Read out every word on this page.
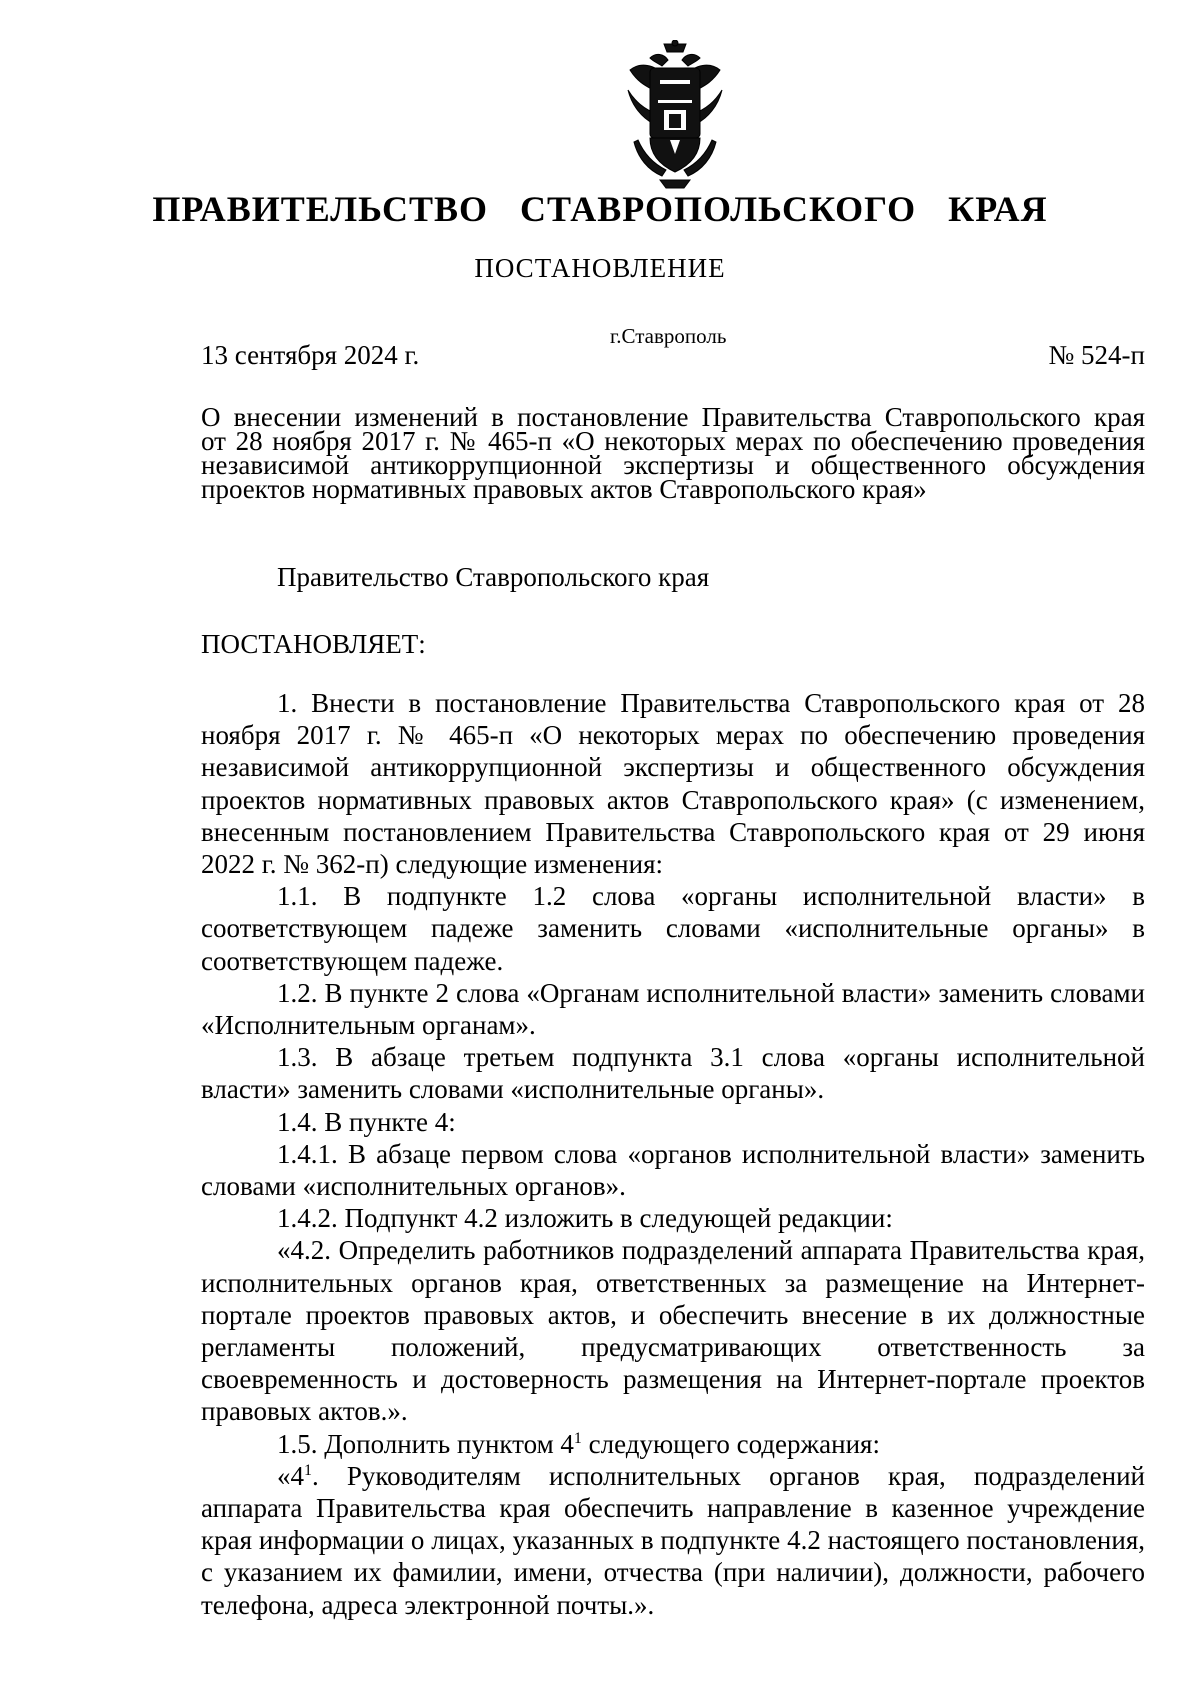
ПРАВИТЕЛЬСТВО СТАВРОПОЛЬСКОГО КРАЯ
ПОСТАНОВЛЕНИЕ
13 сентября 2024 г.
г.Ставрополь
№ 524-п
О внесении изменений в постановление Правительства Ставропольского края
от 28 ноября 2017 г. № 465-п «О некоторых мерах по обеспечению проведения
независимой антикоррупционной экспертизы и общественного обсуждения
проектов нормативных правовых актов Ставропольского края»
Правительство Ставропольского края
ПОСТАНОВЛЯЕТ:

1. Внести в постановление Правительства Ставропольского края от 28 ноября 2017 г. № 465-п «О некоторых мерах по обеспечению проведения независимой антикоррупционной экспертизы и общественного обсуждения проектов нормативных правовых актов Ставропольского края» (с изменением, внесенным постановлением Правительства Ставропольского края от 29 июня 2022 г. № 362-п) следующие изменения:

1.1. В подпункте 1.2 слова «органы исполнительной власти» в соответствующем падеже заменить словами «исполнительные органы» в соответствующем падеже.

1.2. В пункте 2 слова «Органам исполнительной власти» заменить словами «Исполнительным органам».

1.3. В абзаце третьем подпункта 3.1 слова «органы исполнительной власти» заменить словами «исполнительные органы».

1.4. В пункте 4:

1.4.1. В абзаце первом слова «органов исполнительной власти» заменить словами «исполнительных органов».

1.4.2. Подпункт 4.2 изложить в следующей редакции:

«4.2. Определить работников подразделений аппарата Правительства края, исполнительных органов края, ответственных за размещение на Интернет-портале проектов правовых актов, и обеспечить внесение в их должностные регламенты положений, предусматривающих ответственность за своевременность и достоверность размещения на Интернет-портале проектов правовых актов.».

1.5. Дополнить пунктом $4^1$ следующего содержания:

«$4^1$. Руководителям исполнительных органов края, подразделений аппарата Правительства края обеспечить направление в казенное учреждение края информации о лицах, указанных в подпункте 4.2 настоящего постановления, с указанием их фамилии, имени, отчества (при наличии), должности, рабочего телефона, адреса электронной почты.».
